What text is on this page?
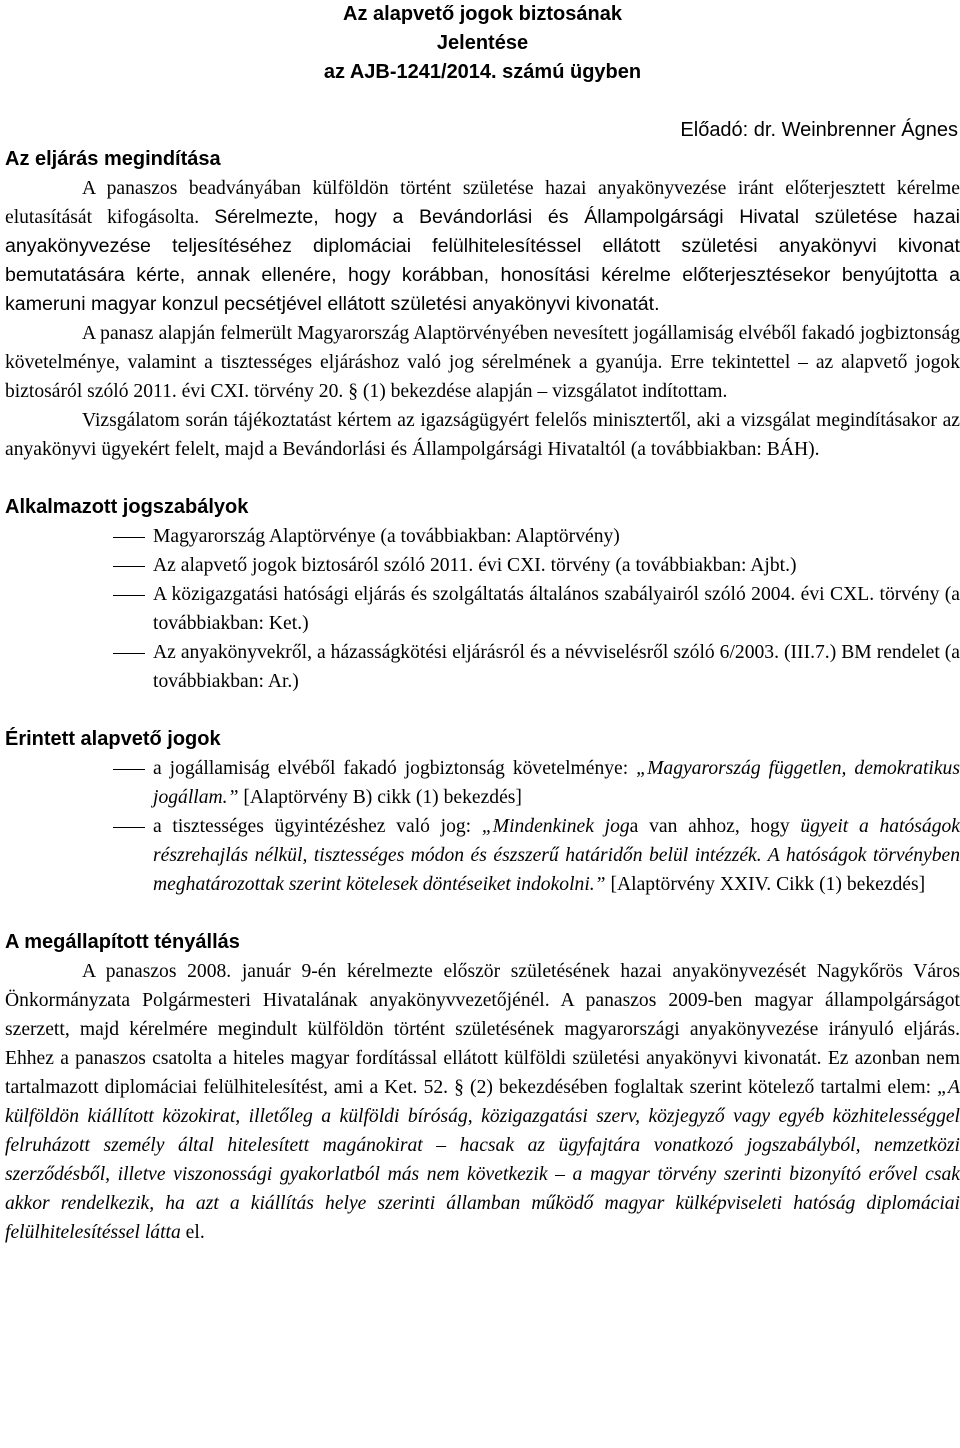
Az alapvető jogok biztosának
Jelentése
az AJB-1241/2014. számú ügyben
Előadó: dr. Weinbrenner Ágnes
Az eljárás megindítása

A panaszos beadványában külföldön történt születése hazai anyakönyvezése iránt előterjesztett kérelme elutasítását kifogásolta. Sérelmezte, hogy a Bevándorlási és Állampolgársági Hivatal születése hazai anyakönyvezése teljesítéséhez diplomáciai felülhitelesítéssel ellátott születési anyakönyvi kivonat bemutatására kérte, annak ellenére, hogy korábban, honosítási kérelme előterjesztésekor benyújtotta a kameruni magyar konzul pecsétjével ellátott születési anyakönyvi kivonatát.

A panasz alapján felmerült Magyarország Alaptörvényében nevesített jogállamiság elvéből fakadó jogbiztonság követelménye, valamint a tisztességes eljáráshoz való jog sérelmének a gyanúja. Erre tekintettel ‒ az alapvető jogok biztosáról szóló 2011. évi CXI. törvény 20. § (1) bekezdése alapján ‒ vizsgálatot indítottam.

Vizsgálatom során tájékoztatást kértem az igazságügyért felelős minisztertől, aki a vizsgálat megindításakor az anyakönyvi ügyekért felelt, majd a Bevándorlási és Állampolgársági Hivataltól (a továbbiakban: BÁH).

Alkalmazott jogszabályok
Magyarország Alaptörvénye (a továbbiakban: Alaptörvény)
Az alapvető jogok biztosáról szóló 2011. évi CXI. törvény (a továbbiakban: Ajbt.)
A közigazgatási hatósági eljárás és szolgáltatás általános szabályairól szóló 2004. évi CXL. törvény (a továbbiakban: Ket.)
Az anyakönyvekről, a házasságkötési eljárásról és a névviselésről szóló 6/2003. (III.7.) BM rendelet (a továbbiakban: Ar.)
Érintett alapvető jogok
a jogállamiság elvéből fakadó jogbiztonság követelménye: „Magyarország független, demokratikus jogállam.” [Alaptörvény B) cikk (1) bekezdés]
a tisztességes ügyintézéshez való jog: „Mindenkinek joga van ahhoz, hogy ügyeit a hatóságok részrehajlás nélkül, tisztességes módon és észszerű határidőn belül intézzék. A hatóságok törvényben meghatározottak szerint kötelesek döntéseiket indokolni.” [Alaptörvény XXIV. Cikk (1) bekezdés]
A megállapított tényállás

A panaszos 2008. január 9-én kérelmezte először születésének hazai anyakönyvezését Nagykőrös Város Önkormányzata Polgármesteri Hivatalának anyakönyvvezetőjénél. A panaszos 2009-ben magyar állampolgárságot szerzett, majd kérelmére megindult külföldön történt születésének magyarországi anyakönyvezése irányuló eljárás. Ehhez a panaszos csatolta a hiteles magyar fordítással ellátott külföldi születési anyakönyvi kivonatát. Ez azonban nem tartalmazott diplomáciai felülhitelesítést, ami a Ket. 52. § (2) bekezdésében foglaltak szerint kötelező tartalmi elem: „A külföldön kiállított közokirat, illetőleg a külföldi bíróság, közigazgatási szerv, közjegyző vagy egyéb közhitelességgel felruházott személy által hitelesített magánokirat ‒ hacsak az ügyfajtára vonatkozó jogszabályból, nemzetközi szerződésből, illetve viszonossági gyakorlatból más nem következik ‒ a magyar törvény szerinti bizonyító erővel csak akkor rendelkezik, ha azt a kiállítás helye szerinti államban működő magyar külképviseleti hatóság diplomáciai felülhitelesítéssel látta el.
